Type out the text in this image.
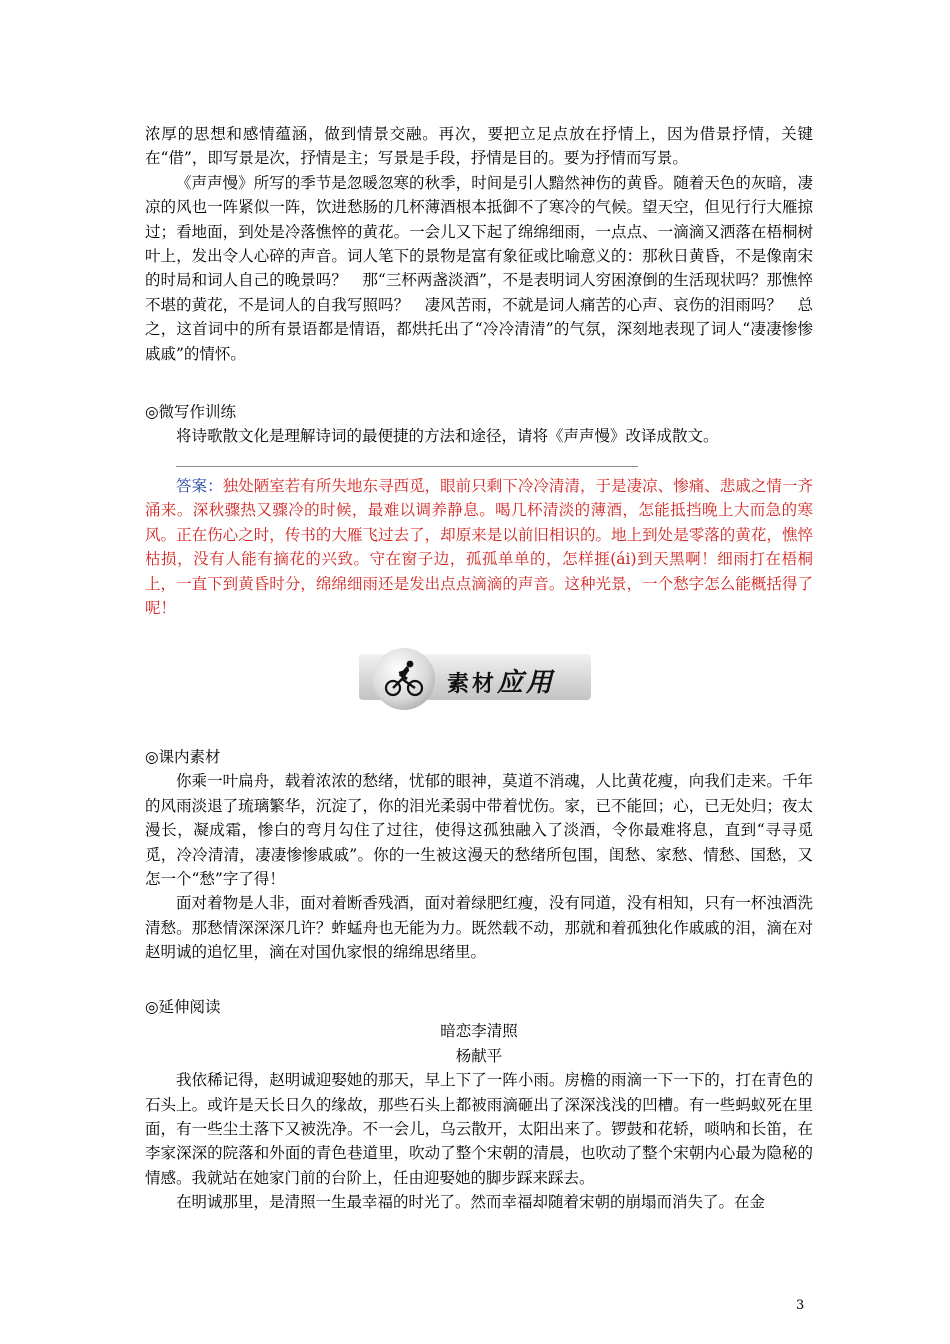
浓厚的思想和感情蕴涵，做到情景交融。再次，要把立足点放在抒情上，因为借景抒情，关键在“借”，即写景是次，抒情是主；写景是手段，抒情是目的。要为抒情而写景。

《声声慢》所写的季节是忽暖忽寒的秋季，时间是引人黯然神伤的黄昏。随着天色的灰暗，凄凉的风也一阵紧似一阵，饮进愁肠的几杯薄酒根本抵御不了寒冷的气候。望天空，但见行行大雁掠过；看地面，到处是冷落憔悴的黄花。一会儿又下起了绵绵细雨，一点点、一滴滴又洒落在梧桐树叶上，发出令人心碎的声音。词人笔下的景物是富有象征或比喻意义的：那秋日黄昏，不是像南宋的时局和词人自己的晚景吗？　那“三杯两盏淡酒”，不是表明词人穷困潦倒的生活现状吗？那憔悴不堪的黄花，不是词人的自我写照吗？　凄风苦雨，不就是词人痛苦的心声、哀伤的泪雨吗？　总之，这首词中的所有景语都是情语，都烘托出了“冷冷清清”的气氛，深刻地表现了词人“凄凄惨惨戚戚”的情怀。

◎微写作训练

将诗歌散文化是理解诗词的最便捷的方法和途径，请将《声声慢》改译成散文。

答案：独处陋室若有所失地东寻西觅，眼前只剩下冷冷清清，于是凄凉、惨痛、悲戚之情一齐涌来。深秋骤热又骤冷的时候，最难以调养静息。喝几杯清淡的薄酒，怎能抵挡晚上大而急的寒风。正在伤心之时，传书的大雁飞过去了，却原来是以前旧相识的。地上到处是零落的黄花，憔悴枯损，没有人能有摘花的兴致。守在窗子边，孤孤单单的，怎样捱(ái)到天黑啊！细雨打在梧桐上，一直下到黄昏时分，绵绵细雨还是发出点点滴滴的声音。这种光景，一个愁字怎么能概括得了呢！

素材应用

◎课内素材

你乘一叶扁舟，载着浓浓的愁绪，忧郁的眼神，莫道不消魂，人比黄花瘦，向我们走来。千年的风雨淡退了琉璃繁华，沉淀了，你的泪光柔弱中带着忧伤。家，已不能回；心，已无处归；夜太漫长，凝成霜，惨白的弯月勾住了过往，使得这孤独融入了淡酒，令你最难将息，直到“寻寻觅觅，冷冷清清，凄凄惨惨戚戚”。你的一生被这漫天的愁绪所包围，闺愁、家愁、情愁、国愁，又怎一个“愁”字了得！

面对着物是人非，面对着断香残酒，面对着绿肥红瘦，没有同道，没有相知，只有一杯浊酒洗清愁。那愁情深深深几许？蚱蜢舟也无能为力。既然载不动，那就和着孤独化作戚戚的泪，滴在对赵明诚的追忆里，滴在对国仇家恨的绵绵思绪里。

◎延伸阅读

暗恋李清照

杨献平

我依稀记得，赵明诚迎娶她的那天，早上下了一阵小雨。房檐的雨滴一下一下的，打在青色的石头上。或许是天长日久的缘故，那些石头上都被雨滴砸出了深深浅浅的凹槽。有一些蚂蚁死在里面，有一些尘土落下又被洗净。不一会儿，乌云散开，太阳出来了。锣鼓和花轿，唢呐和长笛，在李家深深的院落和外面的青色巷道里，吹动了整个宋朝的清晨，也吹动了整个宋朝内心最为隐秘的情感。我就站在她家门前的台阶上，任由迎娶她的脚步踩来踩去。

在明诚那里，是清照一生最幸福的时光了。然而幸福却随着宋朝的崩塌而消失了。在金

3
